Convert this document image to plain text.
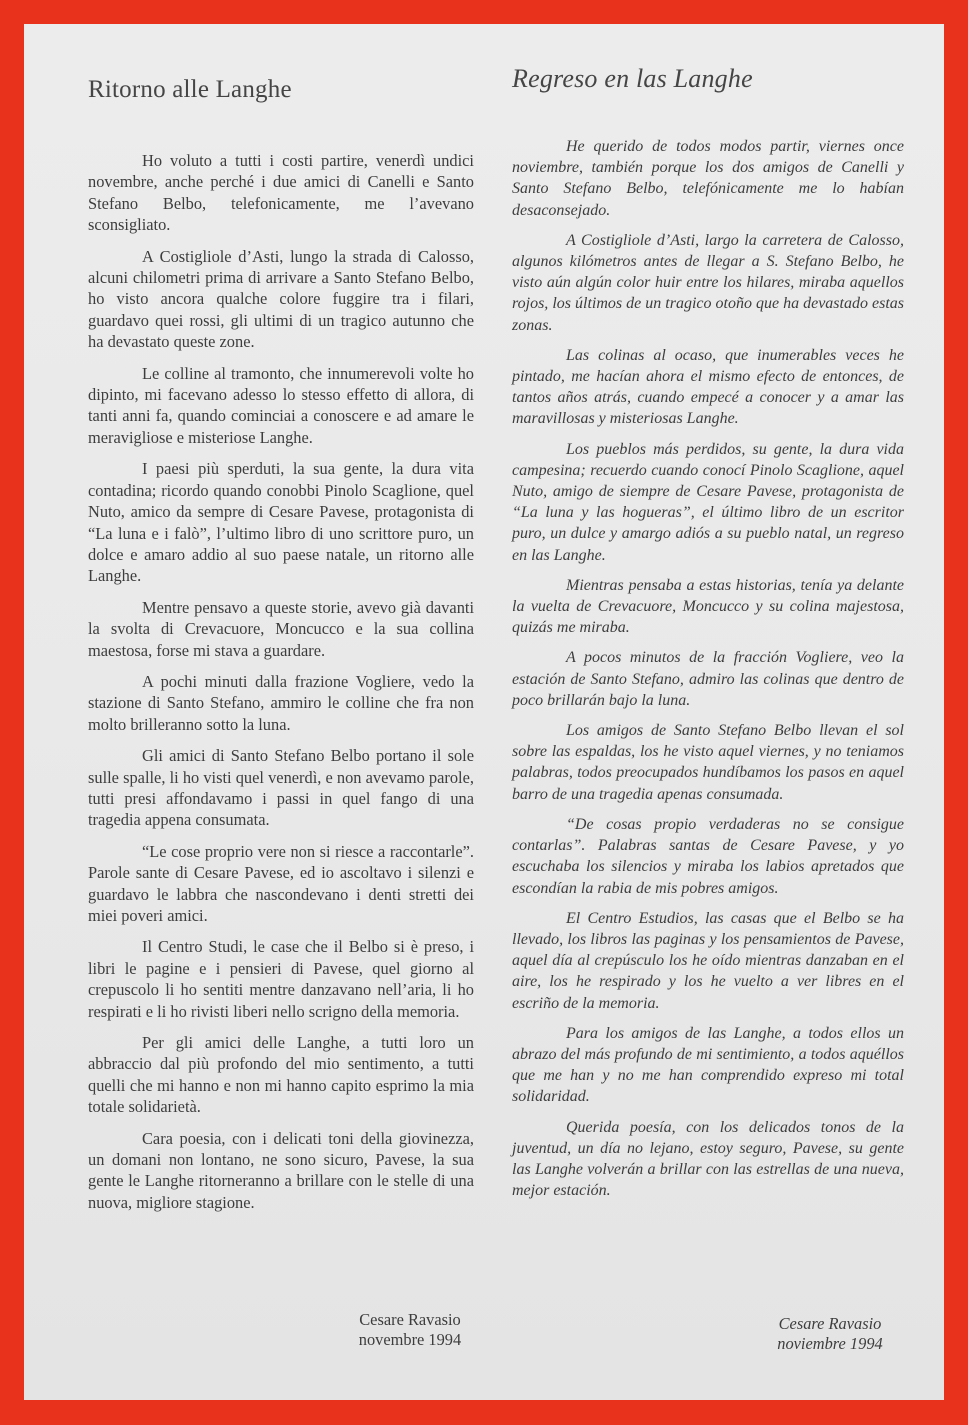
Ritorno alle Langhe

Ho voluto a tutti i costi partire, venerdì undici novembre, anche perché i due amici di Canelli e Santo Stefano Belbo, telefonicamente, me l’avevano sconsigliato.

A Costigliole d’Asti, lungo la strada di Calosso, alcuni chilometri prima di arrivare a Santo Stefano Belbo, ho visto ancora qualche colore fuggire tra i filari, guardavo quei rossi, gli ultimi di un tragico autunno che ha devastato queste zone.

Le colline al tramonto, che innumerevoli volte ho dipinto, mi facevano adesso lo stesso effetto di allora, di tanti anni fa, quando cominciai a conoscere e ad amare le meravigliose e misteriose Langhe.

I paesi più sperduti, la sua gente, la dura vita contadina; ricordo quando conobbi Pinolo Scaglione, quel Nuto, amico da sempre di Cesare Pavese, protagonista di “La luna e i falò”, l’ultimo libro di uno scrittore puro, un dolce e amaro addio al suo paese natale, un ritorno alle Langhe.

Mentre pensavo a queste storie, avevo già davanti la svolta di Crevacuore, Moncucco e la sua collina maestosa, forse mi stava a guardare.

A pochi minuti dalla frazione Vogliere, vedo la stazione di Santo Stefano, ammiro le colline che fra non molto brilleranno sotto la luna.

Gli amici di Santo Stefano Belbo portano il sole sulle spalle, li ho visti quel venerdì, e non avevamo parole, tutti presi affondavamo i passi in quel fango di una tragedia appena consumata.

“Le cose proprio vere non si riesce a raccontarle”. Parole sante di Cesare Pavese, ed io ascoltavo i silenzi e guardavo le labbra che nascondevano i denti stretti dei miei poveri amici.

Il Centro Studi, le case che il Belbo si è preso, i libri le pagine e i pensieri di Pavese, quel giorno al crepuscolo li ho sentiti mentre danzavano nell’aria, li ho respirati e li ho rivisti liberi nello scrigno della memoria.

Per gli amici delle Langhe, a tutti loro un abbraccio dal più profondo del mio sentimento, a tutti quelli che mi hanno e non mi hanno capito esprimo la mia totale solidarietà.

Cara poesia, con i delicati toni della giovinezza, un domani non lontano, ne sono sicuro, Pavese, la sua gente le Langhe ritorneranno a brillare con le stelle di una nuova, migliore stagione.

Regreso en las Langhe

He querido de todos modos partir, viernes once noviembre, también porque los dos amigos de Canelli y Santo Stefano Belbo, telefónicamente me lo habían desaconsejado.

A Costigliole d’Asti, largo la carretera de Calosso, algunos kilómetros antes de llegar a S. Stefano Belbo, he visto aún algún color huir entre los hilares, miraba aquellos rojos, los últimos de un tragico otoño que ha devastado estas zonas.

Las colinas al ocaso, que inumerables veces he pintado, me hacían ahora el mismo efecto de entonces, de tantos años atrás, cuando empecé a conocer y a amar las maravillosas y misteriosas Langhe.

Los pueblos más perdidos, su gente, la dura vida campesina; recuerdo cuando conocí Pinolo Scaglione, aquel Nuto, amigo de siempre de Cesare Pavese, protagonista de “La luna y las hogueras”, el último libro de un escritor puro, un dulce y amargo adiós a su pueblo natal, un regreso en las Langhe.

Mientras pensaba a estas historias, tenía ya delante la vuelta de Crevacuore, Moncucco y su colina majestosa, quizás me miraba.

A pocos minutos de la fracción Vogliere, veo la estación de Santo Stefano, admiro las colinas que dentro de poco brillarán bajo la luna.

Los amigos de Santo Stefano Belbo llevan el sol sobre las espaldas, los he visto aquel viernes, y no teniamos palabras, todos preocupados hundíbamos los pasos en aquel barro de una tragedia apenas consumada.

“De cosas propio verdaderas no se consigue contarlas”. Palabras santas de Cesare Pavese, y yo escuchaba los silencios y miraba los labios apretados que escondían la rabia de mis pobres amigos.

El Centro Estudios, las casas que el Belbo se ha llevado, los libros las paginas y los pensamientos de Pavese, aquel día al crepúsculo los he oído mientras danzaban en el aire, los he respirado y los he vuelto a ver libres en el escriño de la memoria.

Para los amigos de las Langhe, a todos ellos un abrazo del más profundo de mi sentimiento, a todos aquéllos que me han y no me han comprendido expreso mi total solidaridad.

Querida poesía, con los delicados tonos de la juventud, un día no lejano, estoy seguro, Pavese, su gente las Langhe volverán a brillar con las estrellas de una nueva, mejor estación.

Cesare Ravasio
novembre 1994
Cesare Ravasio
noviembre 1994
